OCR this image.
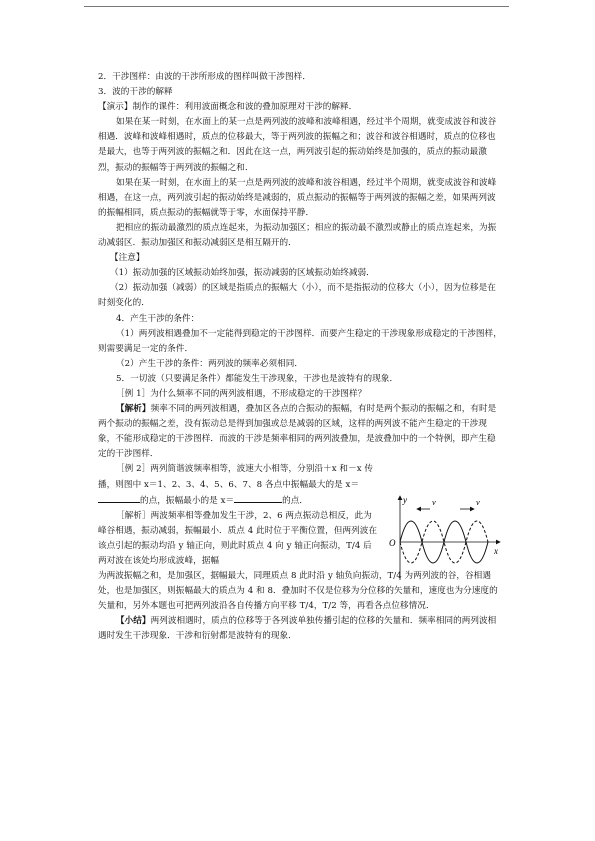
2．干涉图样：由波的干涉所形成的图样叫做干涉图样．

3．波的干涉的解释

【演示】制作的课件：利用波面概念和波的叠加原理对干涉的解释．

如果在某一时刻，在水面上的某一点是两列波的波峰和波峰相遇，经过半个周期，就变成波谷和波谷相遇．波峰和波峰相遇时，质点的位移最大，等于两列波的振幅之和；波谷和波谷相遇时，质点的位移也是最大，也等于两列波的振幅之和．因此在这一点，两列波引起的振动始终是加强的，质点的振动最激烈，振动的振幅等于两列波的振幅之和．

如果在某一时刻，在水面上的某一点是两列波的波峰和波谷相遇，经过半个周期，就变成波谷和波峰相遇，在这一点，两列波引起的振动始终是减弱的，质点振动的振幅等于两列波的振幅之差，如果两列波的振幅相同，质点振动的振幅就等于零，水面保持平静．

把相应的振动最激烈的质点连起来，为振动加强区；相应的振动最不激烈或静止的质点连起来，为振动减弱区．振动加强区和振动减弱区是相互隔开的．

【注意】

（1）振动加强的区域振动始终加强，振动减弱的区域振动始终减弱．

（2）振动加强（减弱）的区域是指质点的振幅大（小），而不是指振动的位移大（小），因为位移是在时刻变化的．

4．产生干涉的条件：

（1）两列波相遇叠加不一定能得到稳定的干涉图样．而要产生稳定的干涉现象形成稳定的干涉图样，则需要满足一定的条件．

（2）产生干涉的条件：两列波的频率必须相同．

5．一切波（只要满足条件）都能发生干涉现象，干涉也是波特有的现象．

［例 1］为什么频率不同的两列波相遇，不形成稳定的干涉图样？

【解析】频率不同的两列波相遇，叠加区各点的合振动的振幅，有时是两个振动的振幅之和，有时是两个振动的振幅之差，没有振动总是得到加强或总是减弱的区域，这样的两列波不能产生稳定的干涉现象，不能形成稳定的干涉图样．而波的干涉是频率相同的两列波叠加，是波叠加中的一个特例，即产生稳定的干涉图样．

［例 2］两列简谐波频率相等，波速大小相等，分别沿＋x 和－x 传播，则图中 x＝1、2、3、4、5、6、7、8 各点中振幅最大的是 x＝的点，振幅最小的是 x＝	的点．

［解析］两波频率相等叠加发生干涉，2、6 两点振动总相反，此为峰谷相遇，振动减弱，振幅最小．质点 4 此时位于平衡位置，但两列波在该点引起的振动均沿 y 轴正向，则此时质点 4 向 y 轴正向振动，T/4 后两对波在该处均形成波峰，据幅

为两波振幅之和，是加强区，据幅最大，同理质点 8 此时沿 y 轴负向振动，T/4 为两列波的谷，谷相遇处，也是加强区，则振幅最大的质点为 4 和 8．叠加时不仅是位移为分位移的矢量和，速度也为分速度的矢量和，另外本题也可把两列波沿各自传播方向平移 T/4，T/2 等，再看各点位移情况．

【小结】两列波相遇时，质点的位移等于各列波单独传播引起的位移的矢量和．频率相同的两列波相遇时发生干涉现象．干涉和衍射都是波特有的现象．

y
x
O
v	v
